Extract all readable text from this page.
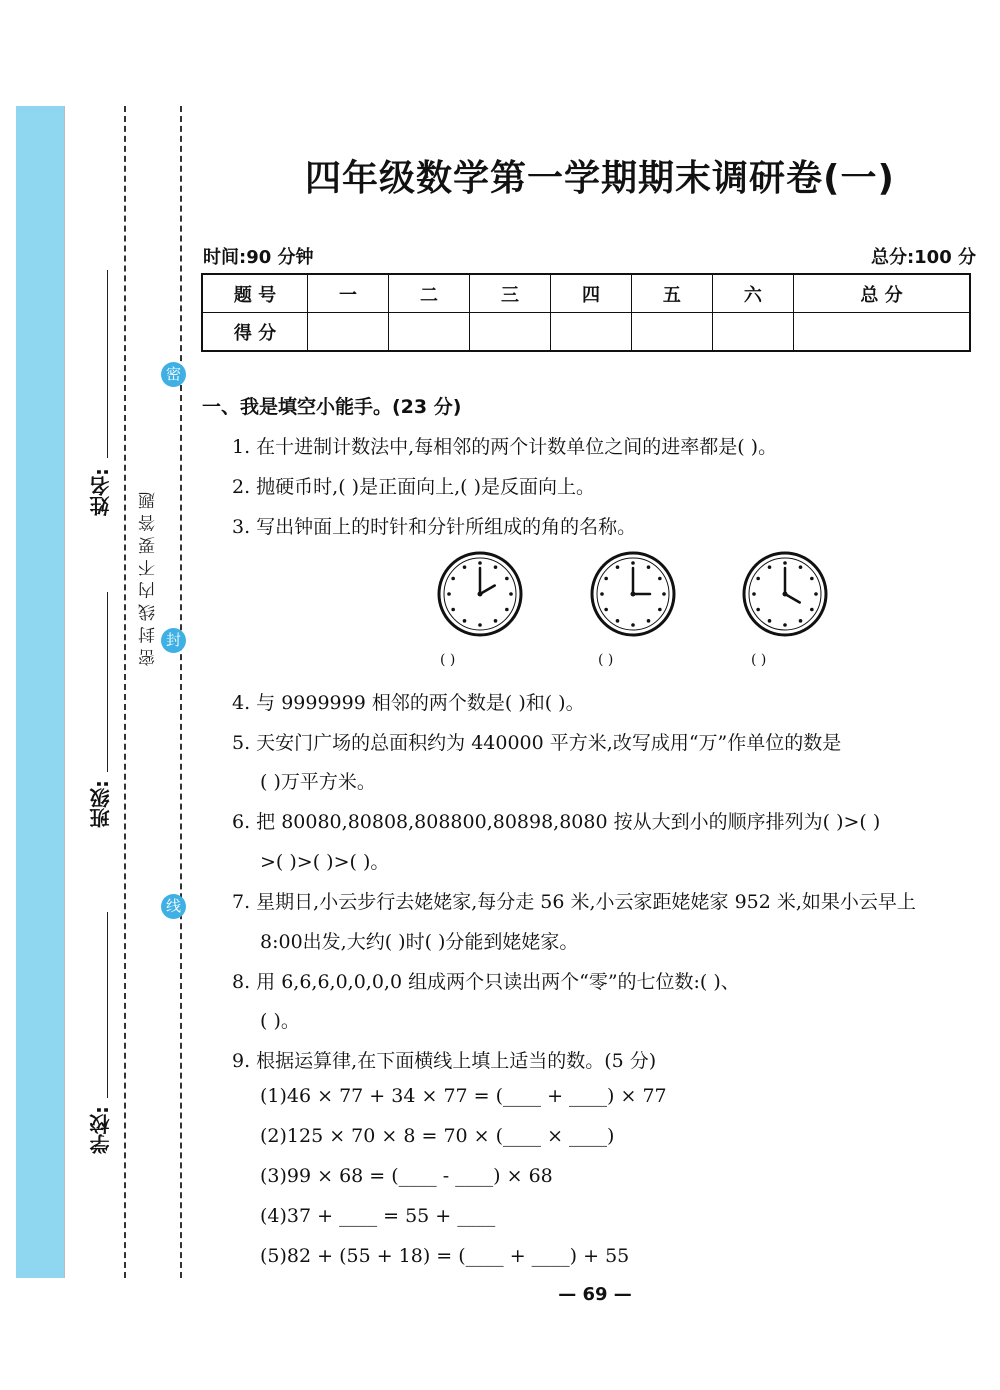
姓名:
班级:
学校:
密 封 线 内 不 要 答 题
密
封
线
四年级数学第一学期期末调研卷(一)
时间:90 分钟	总分:100 分
题 号	一	二	三	四	五	六	总 分
得 分							
一、我是填空小能手。(23 分)
1. 在十进制计数法中,每相邻的两个计数单位之间的进率都是( )。
2. 抛硬币时,( )是正面向上,( )是反面向上。
3. 写出钟面上的时针和分针所组成的角的名称。
( )	( )	( )
4. 与 9999999 相邻的两个数是( )和( )。
5. 天安门广场的总面积约为 440000 平方米,改写成用“万”作单位的数是
( )万平方米。
6. 把 80080,80808,808800,80898,8080 按从大到小的顺序排列为( )>( )
>( )>( )>( )。
7. 星期日,小云步行去姥姥家,每分走 56 米,小云家距姥姥家 952 米,如果小云早上
8:00出发,大约( )时( )分能到姥姥家。
8. 用 6,6,6,0,0,0,0 组成两个只读出两个“零”的七位数:( )、
( )。
9. 根据运算律,在下面横线上填上适当的数。(5 分)
(1)46 × 77 + 34 × 77 = (____ + ____) × 77
(2)125 × 70 × 8 = 70 × (____ × ____)
(3)99 × 68 = (____ - ____) × 68
(4)37 + ____ = 55 + ____
(5)82 + (55 + 18) = (____ + ____) + 55
— 69 —
